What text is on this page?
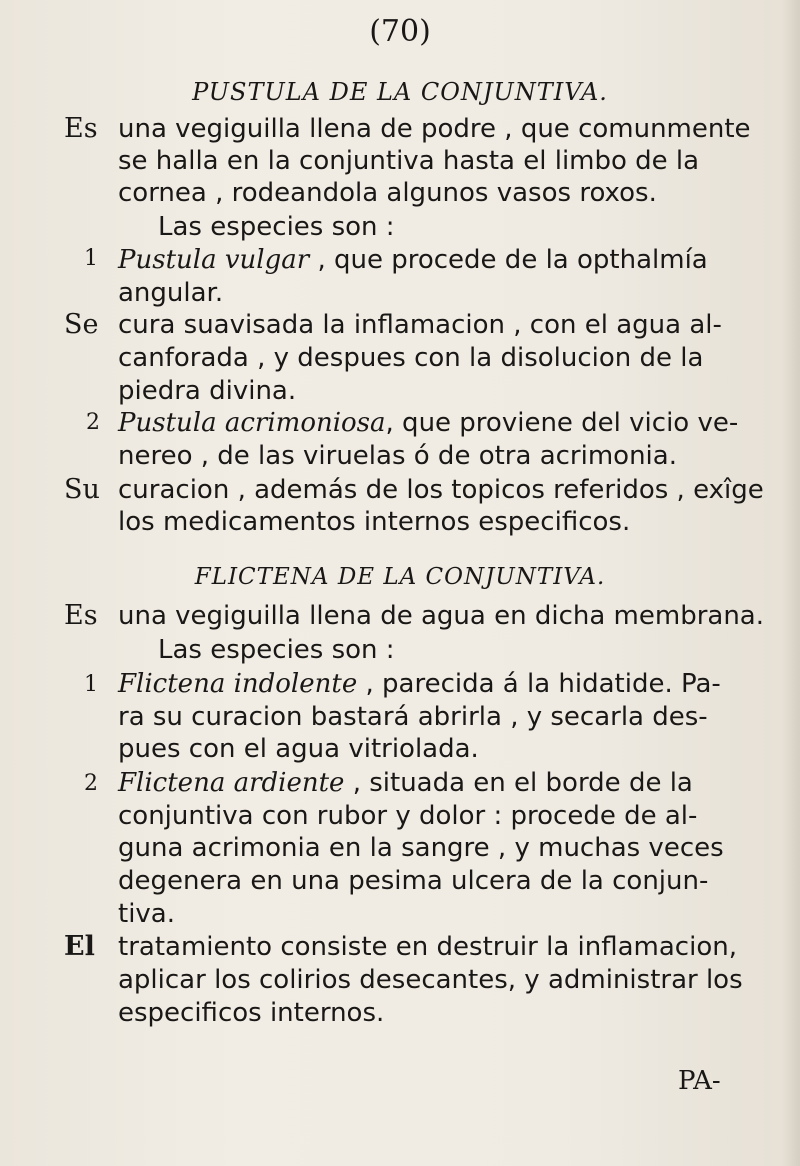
(70)
PUSTULA DE LA CONJUNTIVA.
Es una vegiguilla llena de podre , que comunmente
se halla en la conjuntiva hasta el limbo de la
cornea , rodeandola algunos vasos roxos.
Las especies son :
1 Pustula vulgar , que procede de la opthalmía
angular.
Se cura suavisada la inflamacion , con el agua al-
canforada , y despues con la disolucion de la
piedra divina.
2 Pustula acrimoniosa, que proviene del vicio ve-
nereo , de las viruelas ó de otra acrimonia.
Su curacion , además de los topicos referidos , exîge
los medicamentos internos especificos.
FLICTENA DE LA CONJUNTIVA.
Es una vegiguilla llena de agua en dicha membrana.
Las especies son :
1 Flictena indolente , parecida á la hidatide. Pa-
ra su curacion bastará abrirla , y secarla des-
pues con el agua vitriolada.
2 Flictena ardiente , situada en el borde de la
conjuntiva con rubor y dolor : procede de al-
guna acrimonia en la sangre , y muchas veces
degenera en una pesima ulcera de la conjun-
tiva.
El tratamiento consiste en destruir la inflamacion,
aplicar los colirios desecantes, y administrar los
especificos internos.
PA-
